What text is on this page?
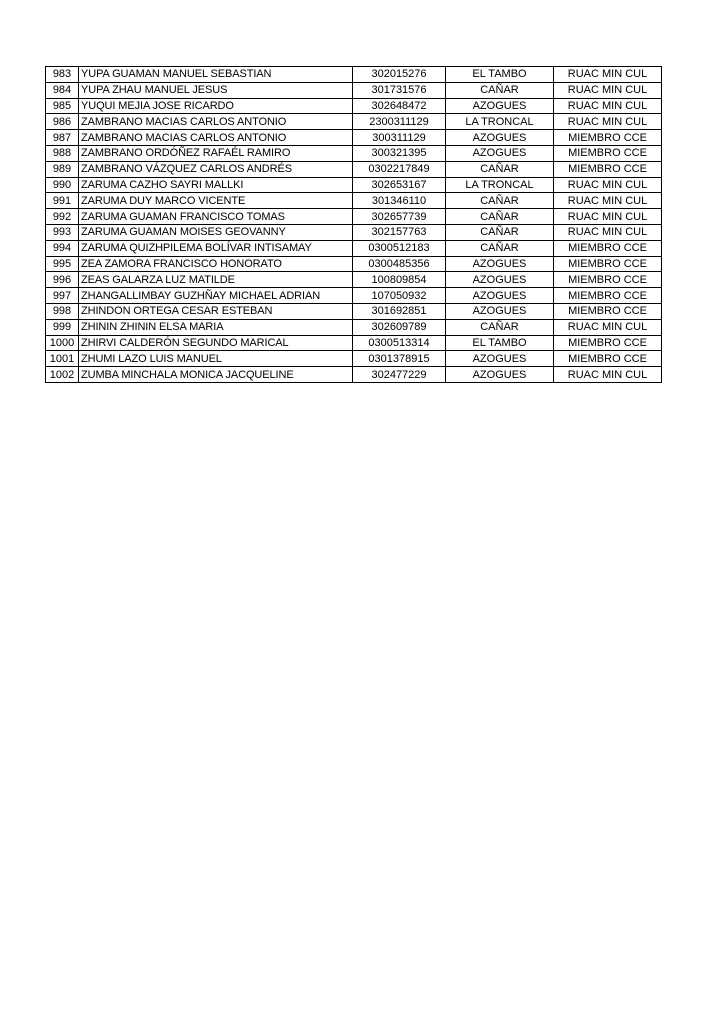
983	YUPA GUAMAN MANUEL SEBASTIAN	302015276	EL TAMBO	RUAC MIN CUL
984	YUPA ZHAU MANUEL JESUS	301731576	CAÑAR	RUAC MIN CUL
985	YUQUI MEJIA JOSE RICARDO	302648472	AZOGUES	RUAC MIN CUL
986	ZAMBRANO MACIAS CARLOS ANTONIO	2300311129	LA TRONCAL	RUAC MIN CUL
987	ZAMBRANO MACIAS CARLOS ANTONIO	300311129	AZOGUES	MIEMBRO CCE
988	ZAMBRANO ORDÓÑEZ RAFAÉL RAMIRO	300321395	AZOGUES	MIEMBRO CCE
989	ZAMBRANO VÁZQUEZ CARLOS ANDRÉS	0302217849	CAÑAR	MIEMBRO CCE
990	ZARUMA CAZHO SAYRI MALLKI	302653167	LA TRONCAL	RUAC MIN CUL
991	ZARUMA DUY MARCO VICENTE	301346110	CAÑAR	RUAC MIN CUL
992	ZARUMA GUAMAN FRANCISCO TOMAS	302657739	CAÑAR	RUAC MIN CUL
993	ZARUMA GUAMAN MOISES GEOVANNY	302157763	CAÑAR	RUAC MIN CUL
994	ZARUMA QUIZHPILEMA BOLÍVAR INTISAMAY	0300512183	CAÑAR	MIEMBRO CCE
995	ZEA ZAMORA FRANCISCO HONORATO	0300485356	AZOGUES	MIEMBRO CCE
996	ZEAS GALARZA LUZ MATILDE	100809854	AZOGUES	MIEMBRO CCE
997	ZHANGALLIMBAY GUZHÑAY MICHAEL ADRIAN	107050932	AZOGUES	MIEMBRO CCE
998	ZHINDON ORTEGA CESAR ESTEBAN	301692851	AZOGUES	MIEMBRO CCE
999	ZHININ ZHININ ELSA MARIA	302609789	CAÑAR	RUAC MIN CUL
1000	ZHIRVI CALDERÓN SEGUNDO MARICAL	0300513314	EL TAMBO	MIEMBRO CCE
1001	ZHUMI LAZO LUIS MANUEL	0301378915	AZOGUES	MIEMBRO CCE
1002	ZUMBA MINCHALA MONICA JACQUELINE	302477229	AZOGUES	RUAC MIN CUL
